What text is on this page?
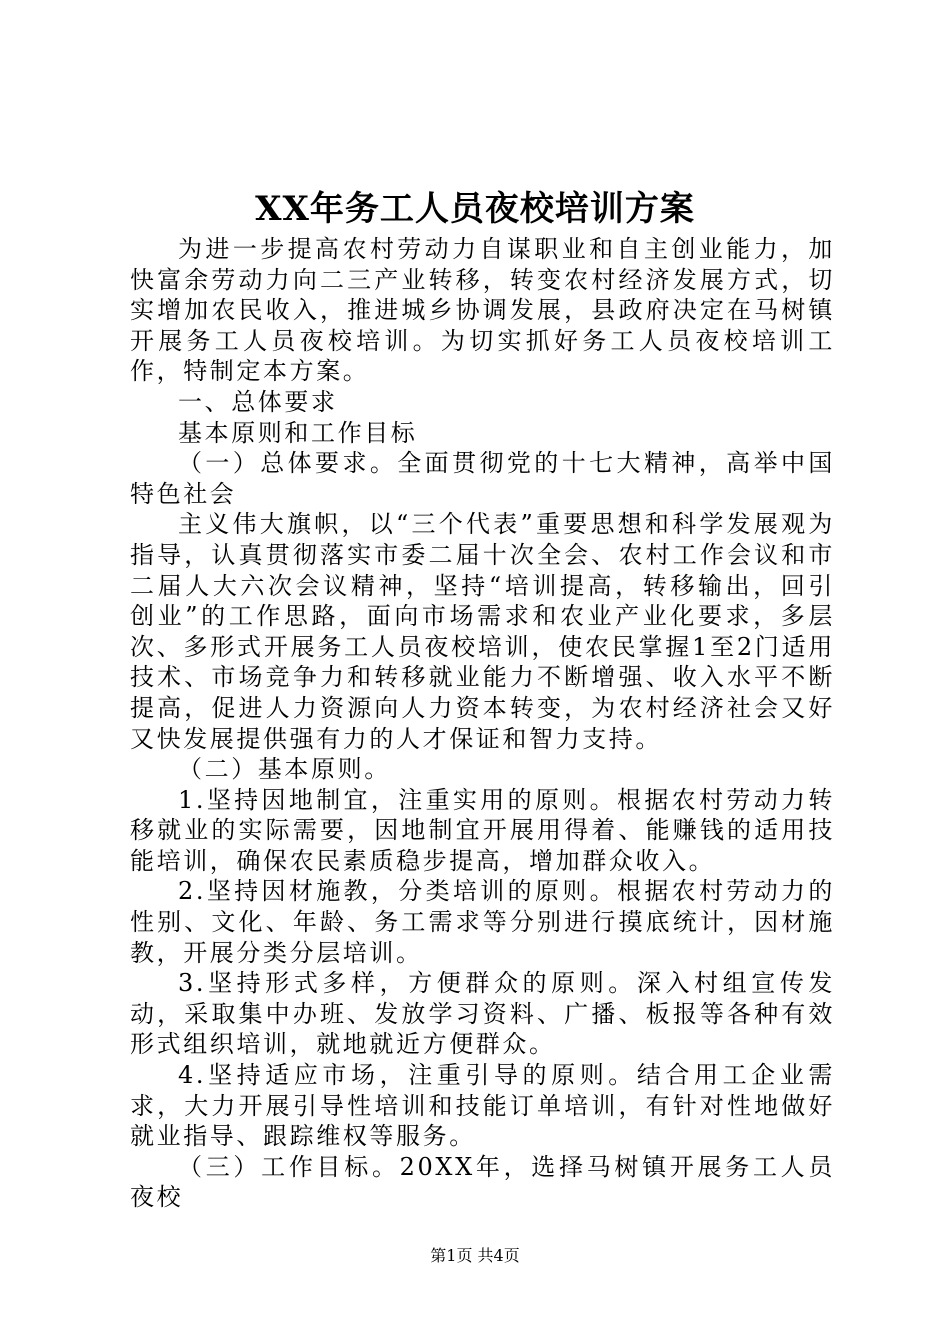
XX年务工人员夜校培训方案

为进一步提高农村劳动力自谋职业和自主创业能力，加快富余劳动力向二三产业转移，转变农村经济发展方式，切实增加农民收入，推进城乡协调发展，县政府决定在马树镇开展务工人员夜校培训。为切实抓好务工人员夜校培训工作，特制定本方案。

一、总体要求

基本原则和工作目标

（一）总体要求。全面贯彻党的十七大精神，高举中国特色社会

主义伟大旗帜，以“三个代表”重要思想和科学发展观为指导，认真贯彻落实市委二届十次全会、农村工作会议和市二届人大六次会议精神，坚持“培训提高，转移输出，回引创业”的工作思路，面向市场需求和农业产业化要求，多层次、多形式开展务工人员夜校培训，使农民掌握1至2门适用技术、市场竞争力和转移就业能力不断增强、收入水平不断提高，促进人力资源向人力资本转变，为农村经济社会又好又快发展提供强有力的人才保证和智力支持。

（二）基本原则。

1.坚持因地制宜，注重实用的原则。根据农村劳动力转移就业的实际需要，因地制宜开展用得着、能赚钱的适用技能培训，确保农民素质稳步提高，增加群众收入。

2.坚持因材施教，分类培训的原则。根据农村劳动力的性别、文化、年龄、务工需求等分别进行摸底统计，因材施教，开展分类分层培训。

3.坚持形式多样，方便群众的原则。深入村组宣传发动，采取集中办班、发放学习资料、广播、板报等各种有效形式组织培训，就地就近方便群众。

4.坚持适应市场，注重引导的原则。结合用工企业需求，大力开展引导性培训和技能订单培训，有针对性地做好就业指导、跟踪维权等服务。

（三）工作目标。20XX年，选择马树镇开展务工人员夜校

第1页 共4页
